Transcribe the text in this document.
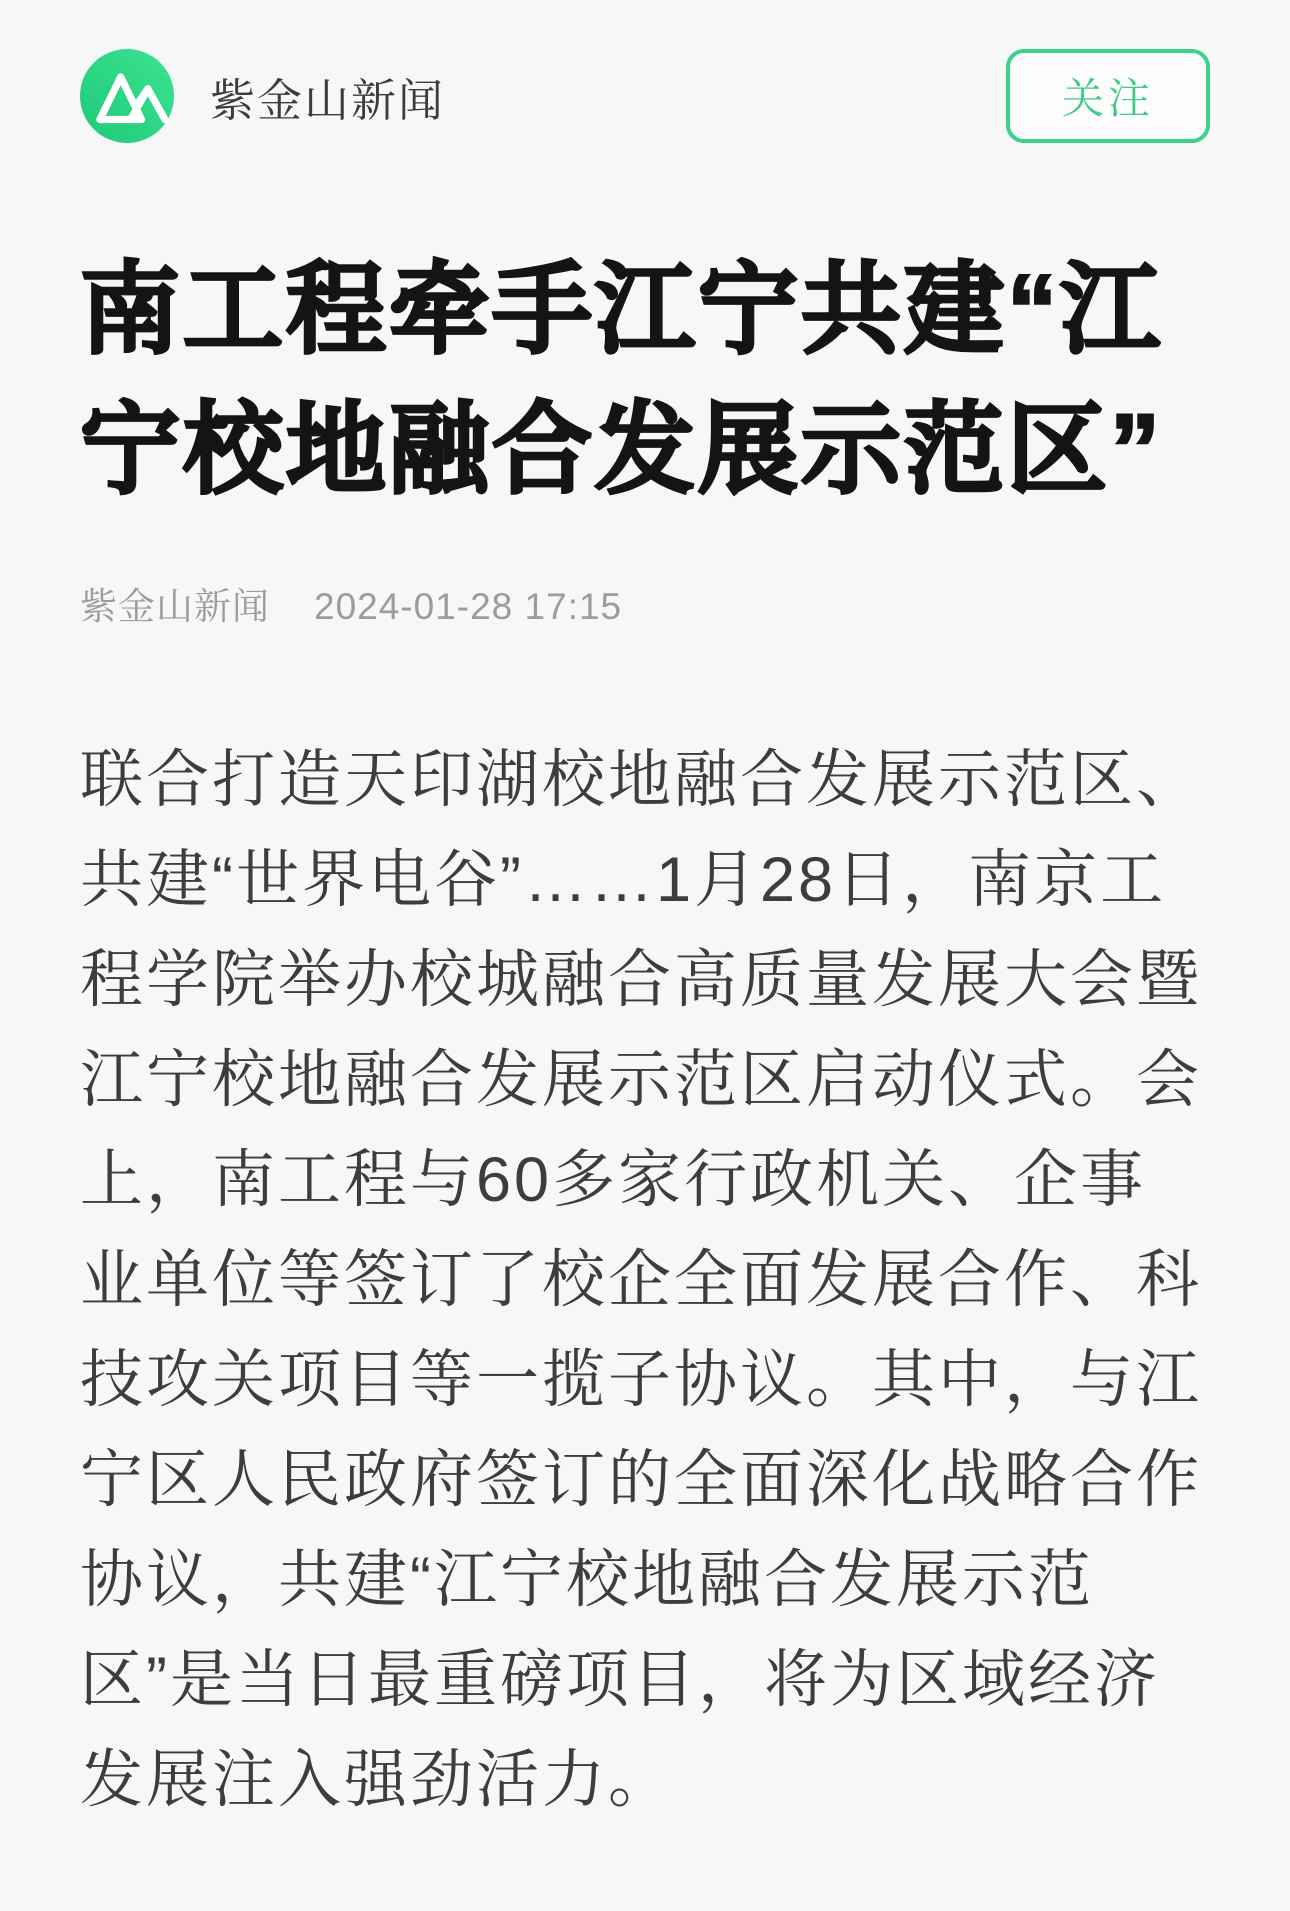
紫金山新闻	关注
南工程牵手江宁共建“江
宁校地融合发展示范区”
紫金山新闻 2024-01-28 17:15
联合打造天印湖校地融合发展示范区、
共建“世界电谷”……1月28日，南京工
程学院举办校城融合高质量发展大会暨
江宁校地融合发展示范区启动仪式。会
上，南工程与60多家行政机关、企事
业单位等签订了校企全面发展合作、科
技攻关项目等一揽子协议。其中，与江
宁区人民政府签订的全面深化战略合作
协议，共建“江宁校地融合发展示范
区”是当日最重磅项目，将为区域经济
发展注入强劲活力。
